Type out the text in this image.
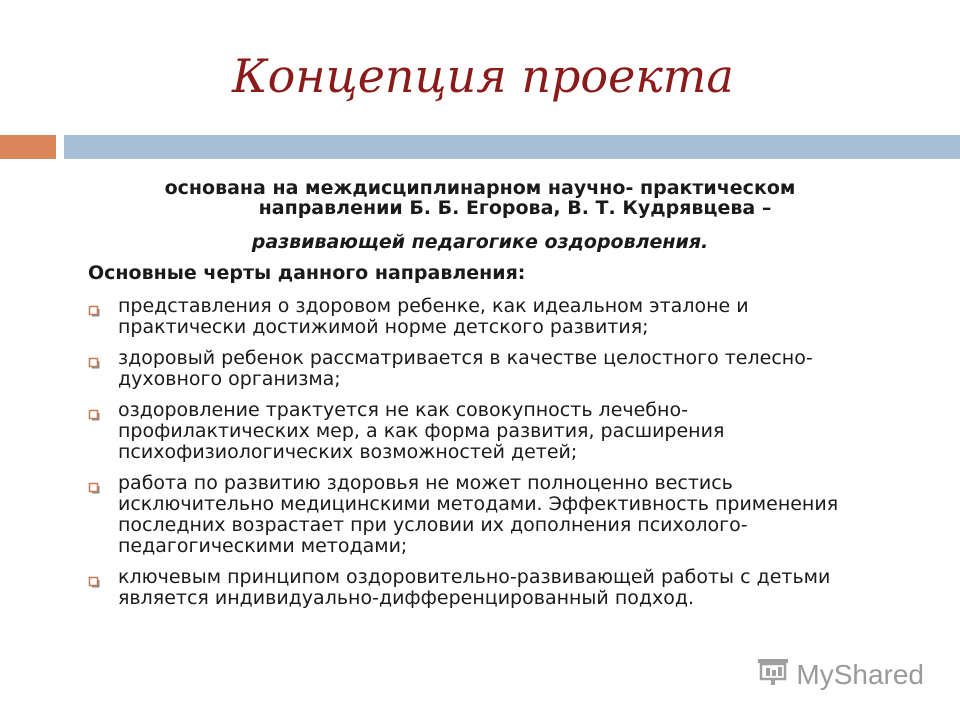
Концепция проекта

основана на междисциплинарном научно- практическом
направлении Б. Б. Егорова, В. Т. Кудрявцева –

развивающей педагогике оздоровления.

Основные черты данного направления:

представления о здоровом ребенке, как идеальном эталоне и практически достижимой норме детского развития;
здоровый ребенок рассматривается в качестве целостного телесно-духовного организма;
оздоровление трактуется не как совокупность лечебно-профилактических мер, а как форма развития, расширения психофизиологических возможностей детей;
работа по развитию здоровья не может полноценно вестись исключительно медицинскими методами. Эффективность применения последних возрастает при условии их дополнения психолого-педагогическими методами;
ключевым принципом оздоровительно-развивающей работы с детьми является индивидуально-дифференцированный подход.
MyShared
